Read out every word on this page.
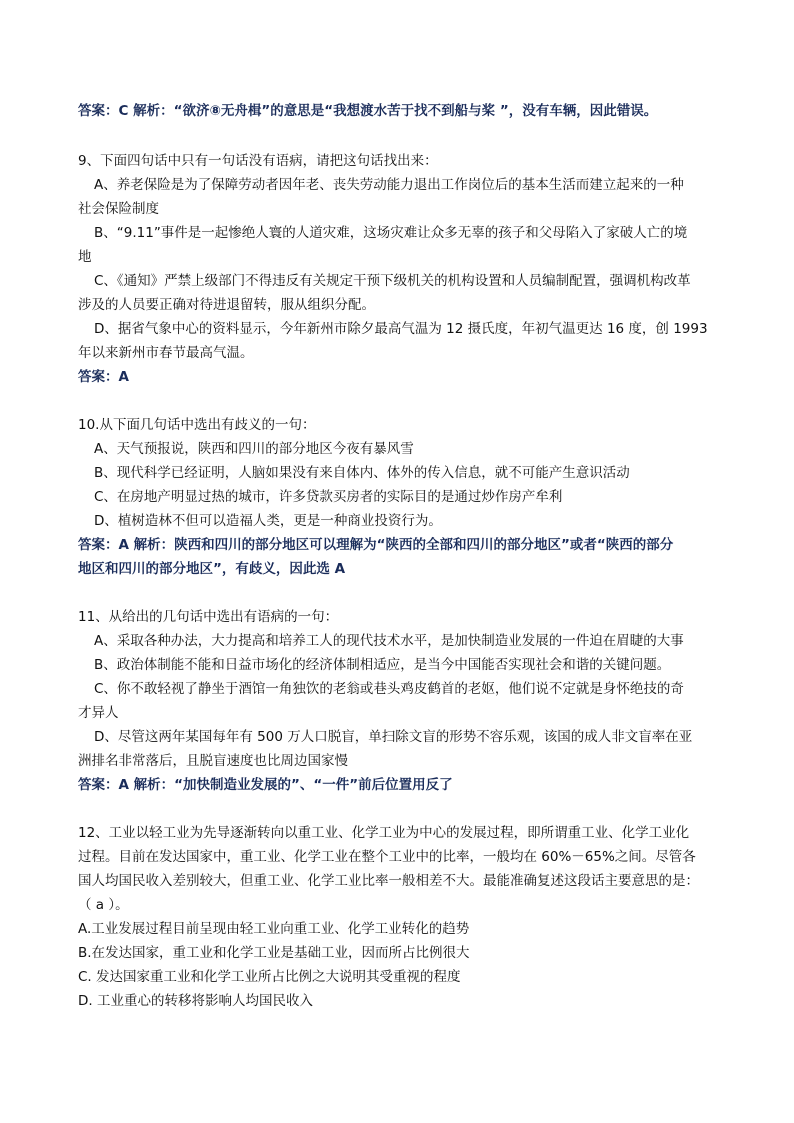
答案：C 解析：“欲济⑧无舟楫”的意思是“我想渡水苦于找不到船与桨 ”，没有车辆，因此错误。
9、下面四句话中只有一句话没有语病，请把这句话找出来：
A、养老保险是为了保障劳动者因年老、丧失劳动能力退出工作岗位后的基本生活而建立起来的一种
社会保险制度
B、“9.11”事件是一起惨绝人寰的人道灾难，这场灾难让众多无辜的孩子和父母陷入了家破人亡的境
地
C、《通知》严禁上级部门不得违反有关规定干预下级机关的机构设置和人员编制配置，强调机构改革
涉及的人员要正确对待进退留转，服从组织分配。
D、据省气象中心的资料显示，今年新州市除夕最高气温为 12 摄氏度，年初气温更达 16 度，创 1993
年以来新州市春节最高气温。
答案：A
10.从下面几句话中选出有歧义的一句：
A、天气预报说，陕西和四川的部分地区今夜有暴风雪
B、现代科学已经证明，人脑如果没有来自体内、体外的传入信息，就不可能产生意识活动
C、在房地产明显过热的城市，许多贷款买房者的实际目的是通过炒作房产牟利
D、植树造林不但可以造福人类，更是一种商业投资行为。
答案：A 解析：陕西和四川的部分地区可以理解为“陕西的全部和四川的部分地区”或者“陕西的部分
地区和四川的部分地区”，有歧义，因此选 A
11、从给出的几句话中选出有语病的一句：
A、采取各种办法，大力提高和培养工人的现代技术水平，是加快制造业发展的一件迫在眉睫的大事
B、政治体制能不能和日益市场化的经济体制相适应，是当今中国能否实现社会和谐的关键问题。
C、你不敢轻视了静坐于酒馆一角独饮的老翁或巷头鸡皮鹤首的老妪，他们说不定就是身怀绝技的奇
才异人
D、尽管这两年某国每年有 500 万人口脱盲，单扫除文盲的形势不容乐观，该国的成人非文盲率在亚
洲排名非常落后，且脱盲速度也比周边国家慢
答案：A 解析：“加快制造业发展的”、“一件”前后位置用反了
12、工业以轻工业为先导逐渐转向以重工业、化学工业为中心的发展过程，即所谓重工业、化学工业化
过程。目前在发达国家中，重工业、化学工业在整个工业中的比率，一般均在 60%－65%之间。尽管各
国人均国民收入差别较大，但重工业、化学工业比率一般相差不大。最能准确复述这段话主要意思的是：
（ a ）。
A.工业发展过程目前呈现由轻工业向重工业、化学工业转化的趋势
B.在发达国家，重工业和化学工业是基础工业，因而所占比例很大
C. 发达国家重工业和化学工业所占比例之大说明其受重视的程度
D. 工业重心的转移将影响人均国民收入
